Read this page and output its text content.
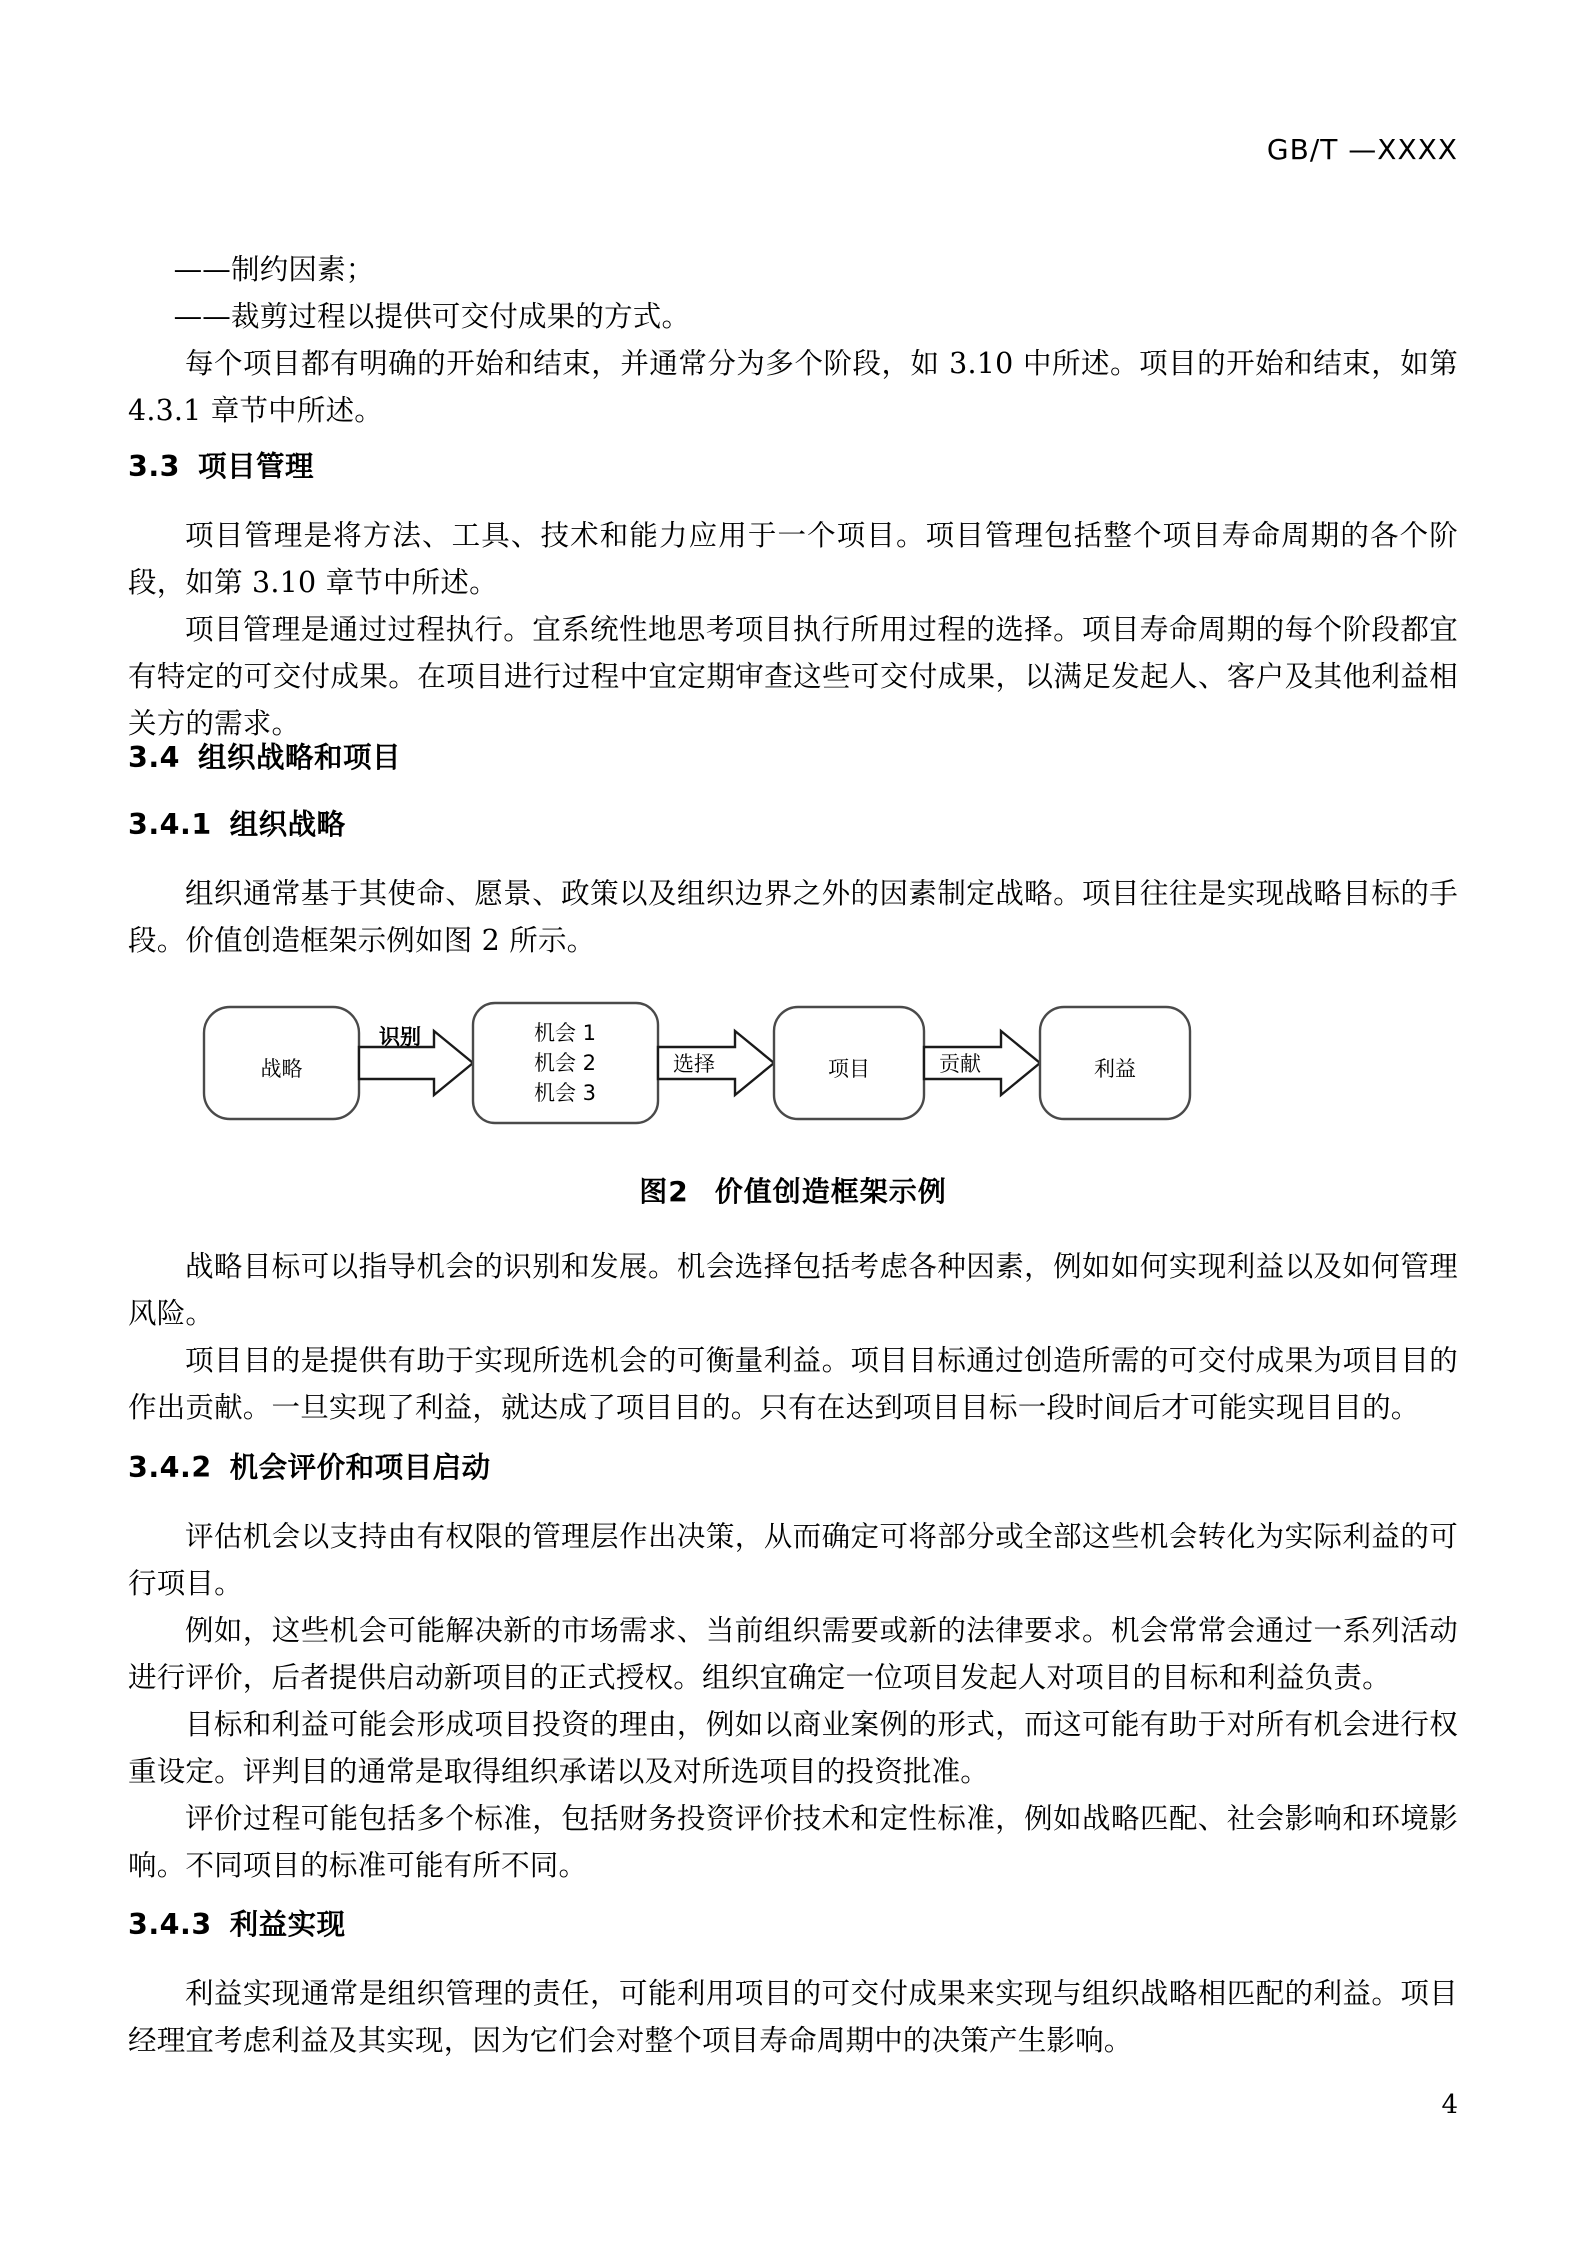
GB/T —XXXX

——制约因素；

——裁剪过程以提供可交付成果的方式。

每个项目都有明确的开始和结束，并通常分为多个阶段，如 3.10 中所述。项目的开始和结束，如第 4.3.1 章节中所述。

3.3 项目管理

项目管理是将方法、工具、技术和能力应用于一个项目。项目管理包括整个项目寿命周期的各个阶段，如第 3.10 章节中所述。

项目管理是通过过程执行。宜系统性地思考项目执行所用过程的选择。项目寿命周期的每个阶段都宜有特定的可交付成果。在项目进行过程中宜定期审查这些可交付成果，以满足发起人、客户及其他利益相关方的需求。

3.4 组织战略和项目
3.4.1 组织战略

组织通常基于其使命、愿景、政策以及组织边界之外的因素制定战略。项目往往是实现战略目标的手段。价值创造框架示例如图 2 所示。

战略
识别	机会 1
机会 2
机会 3
选择	项目	贡献	利益
图2 价值创造框架示例

战略目标可以指导机会的识别和发展。机会选择包括考虑各种因素，例如如何实现利益以及如何管理风险。

项目目的是提供有助于实现所选机会的可衡量利益。项目目标通过创造所需的可交付成果为项目目的作出贡献。一旦实现了利益，就达成了项目目的。只有在达到项目目标一段时间后才可能实现目目的。

3.4.2 机会评价和项目启动

评估机会以支持由有权限的管理层作出决策，从而确定可将部分或全部这些机会转化为实际利益的可行项目。

例如，这些机会可能解决新的市场需求、当前组织需要或新的法律要求。机会常常会通过一系列活动进行评价，后者提供启动新项目的正式授权。组织宜确定一位项目发起人对项目的目标和利益负责。

目标和利益可能会形成项目投资的理由，例如以商业案例的形式，而这可能有助于对所有机会进行权重设定。评判目的通常是取得组织承诺以及对所选项目的投资批准。

评价过程可能包括多个标准，包括财务投资评价技术和定性标准，例如战略匹配、社会影响和环境影响。不同项目的标准可能有所不同。

3.4.3 利益实现

利益实现通常是组织管理的责任，可能利用项目的可交付成果来实现与组织战略相匹配的利益。项目经理宜考虑利益及其实现，因为它们会对整个项目寿命周期中的决策产生影响。

4
